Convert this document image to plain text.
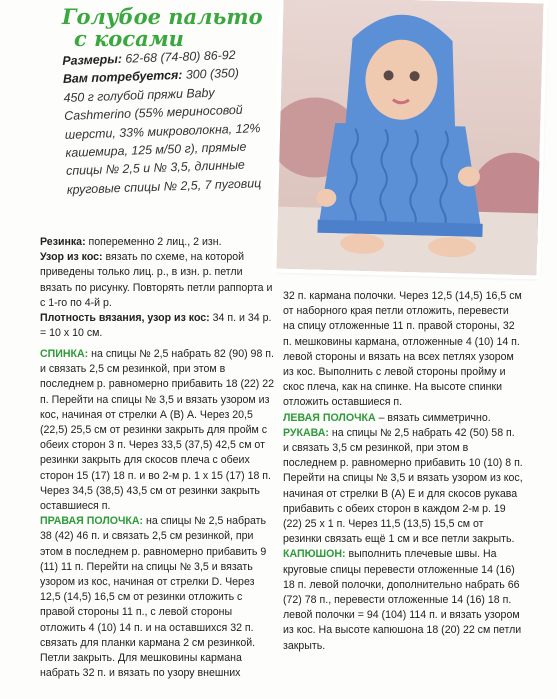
Голубое пальто
с косами
Размеры: 62-68 (74-80) 86-92
Вам потребуется: 300 (350)
450 г голубой пряжи Baby
Cashmerino (55% мериносовой
шерсти, 33% микроволокна, 12%
кашемира, 125 м/50 г), прямые
спицы № 2,5 и № 3,5, длинные
круговые спицы № 2,5, 7 пуговиц

Резинка: попеременно 2 лиц., 2 изн.

Узор из кос: вязать по схеме, на которой приведены только лиц. р., в изн. р. петли вязать по рисунку. Повторять петли раппорта и с 1-го по 4-й р.

Плотность вязания, узор из кос: 34 п. и 34 р. = 10 x 10 см.

СПИНКА: на спицы № 2,5 набрать 82 (90) 98 п. и связать 2,5 см резинкой, при этом в последнем р. равномерно прибавить 18 (22) 22 п. Перейти на спицы № 3,5 и вязать узором из кос, начиная от стрелки А (В) А. Через 20,5 (22,5) 25,5 см от резинки закрыть для пройм с обеих сторон 3 п. Через 33,5 (37,5) 42,5 см от резинки закрыть для скосов плеча с обеих сторон 15 (17) 18 п. и во 2-м р. 1 х 15 (17) 18 п. Через 34,5 (38,5) 43,5 см от резинки закрыть оставшиеся п.

ПРАВАЯ ПОЛОЧКА: на спицы № 2,5 набрать 38 (42) 46 п. и связать 2,5 см резинкой, при этом в последнем р. равномерно прибавить 9 (11) 11 п. Перейти на спицы № 3,5 и вязать узором из кос, начиная от стрелки D. Через 12,5 (14,5) 16,5 см от резинки отложить с правой стороны 11 п., с левой стороны отложить 4 (10) 14 п. и на оставшихся 32 п. связать для планки кармана 2 см резинкой. Петли закрыть. Для мешковины кармана набрать 32 п. и вязать по узору внешних

32 п. кармана полочки. Через 12,5 (14,5) 16,5 см от наборного края петли отложить, перевести на спицу отложенные 11 п. правой стороны, 32 п. мешковины кармана, отложенные 4 (10) 14 п. левой стороны и вязать на всех петлях узором из кос. Выполнить с левой стороны пройму и скос плеча, как на спинке. На высоте спинки отложить оставшиеся п.

ЛЕВАЯ ПОЛОЧКА – вязать симметрично.

РУКАВА: на спицы № 2,5 набрать 42 (50) 58 п. и связать 3,5 см резинкой, при этом в последнем р. равномерно прибавить 10 (10) 8 п. Перейти на спицы № 3,5 и вязать узором из кос, начиная от стрелки В (А) Е и для скосов рукава прибавить с обеих сторон в каждом 2-м р. 19 (22) 25 x 1 п. Через 11,5 (13,5) 15,5 см от резинки связать ещё 1 см и все петли закрыть.

КАПЮШОН: выполнить плечевые швы. На круговые спицы перевести отложенные 14 (16) 18 п. левой полочки, дополнительно набрать 66 (72) 78 п., перевести отложенные 14 (16) 18 п. левой полочки = 94 (104) 114 п. и вязать узором из кос. На высоте капюшона 18 (20) 22 см петли закрыть.
